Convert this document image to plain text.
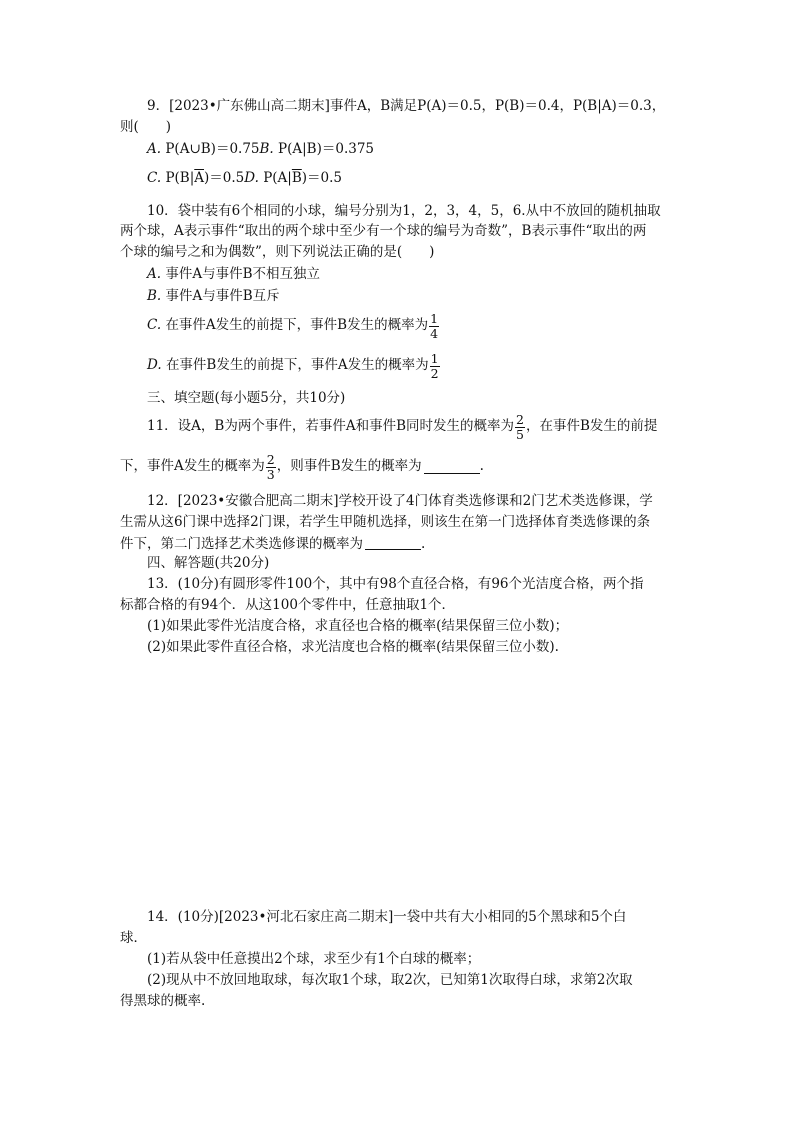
9．[2023•广东佛山高二期末]事件A，B满足P(A)＝0.5，P(B)＝0.4，P(B|A)＝0.3，
则(　　)
A. P(A∪B)＝0.75B. P(A|B)＝0.375
C. $P(B|\overline{A})=0.5D$. $P(A|\overline{B})=0.5$
10．袋中装有6个相同的小球，编号分别为1，2，3，4，5，6.从中不放回的随机抽取
两个球，A表示事件“取出的两个球中至少有一个球的编号为奇数”，B表示事件“取出的两
个球的编号之和为偶数”，则下列说法正确的是(　　)
A. 事件A与事件B不相互独立
B. 事件A与事件B互斥
C.
在事件A发生的前提下，事件B发生的概率为 $\frac{1}{4}$
D.
在事件B发生的前提下，事件A发生的概率为 $\frac{1}{2}$
三、填空题(每小题5分，共10分)
11．设A，B为两个事件，若事件A和事件B同时发生的概率为 $\frac{2}{5}$ ，在事件B发生的前提
下，事件A发生的概率为 $\frac{2}{3}$ ，则事件B发生的概率为	.
12．[2023•安徽合肥高二期末]学校开设了4门体育类选修课和2门艺术类选修课，学
生需从这6门课中选择2门课，若学生甲随机选择，则该生在第一门选择体育类选修课的条
件下，第二门选择艺术类选修课的概率为	.
四、解答题(共20分)
13．(10分)有圆形零件100个，其中有98个直径合格，有96个光洁度合格，两个指
标都合格的有94个．从这100个零件中，任意抽取1个．
(1)如果此零件光洁度合格，求直径也合格的概率(结果保留三位小数)；
(2)如果此零件直径合格，求光洁度也合格的概率(结果保留三位小数).
14．(10分)[2023•河北石家庄高二期末]一袋中共有大小相同的5个黑球和5个白
球．
(1)若从袋中任意摸出2个球，求至少有1个白球的概率；
(2)现从中不放回地取球，每次取1个球，取2次，已知第1次取得白球，求第2次取
得黑球的概率.
